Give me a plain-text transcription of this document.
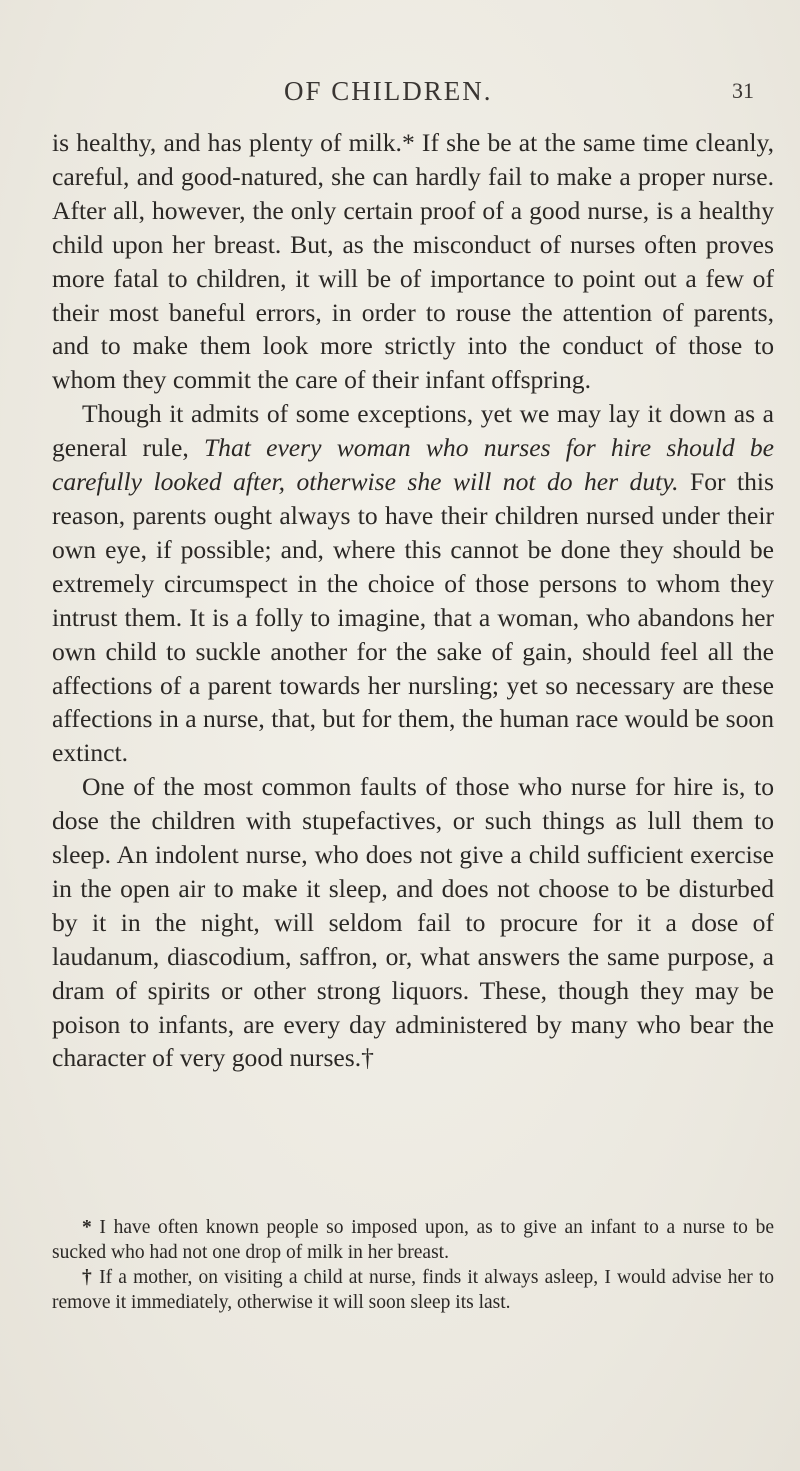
OF CHILDREN.	31

is healthy, and has plenty of milk.* If she be at the same time cleanly, careful, and good-natured, she can hardly fail to make a proper nurse. After all, however, the only certain proof of a good nurse, is a healthy child upon her breast. But, as the misconduct of nurses often proves more fatal to children, it will be of importance to point out a few of their most baneful errors, in order to rouse the attention of parents, and to make them look more strictly into the conduct of those to whom they commit the care of their infant offspring.

Though it admits of some exceptions, yet we may lay it down as a general rule, That every woman who nurses for hire should be carefully looked after, otherwise she will not do her duty. For this reason, parents ought always to have their children nursed under their own eye, if possible; and, where this cannot be done they should be extremely circumspect in the choice of those persons to whom they intrust them. It is a folly to imagine, that a woman, who abandons her own child to suckle another for the sake of gain, should feel all the affections of a parent towards her nursling; yet so necessary are these affections in a nurse, that, but for them, the human race would be soon extinct.

One of the most common faults of those who nurse for hire is, to dose the children with stupefactives, or such things as lull them to sleep. An indolent nurse, who does not give a child sufficient exercise in the open air to make it sleep, and does not choose to be disturbed by it in the night, will seldom fail to procure for it a dose of laudanum, diascodium, saffron, or, what answers the same purpose, a dram of spirits or other strong liquors. These, though they may be poison to infants, are every day administered by many who bear the character of very good nurses.†

* I have often known people so imposed upon, as to give an infant to a nurse to be sucked who had not one drop of milk in her breast.

† If a mother, on visiting a child at nurse, finds it always asleep, I would advise her to remove it immediately, otherwise it will soon sleep its last.
